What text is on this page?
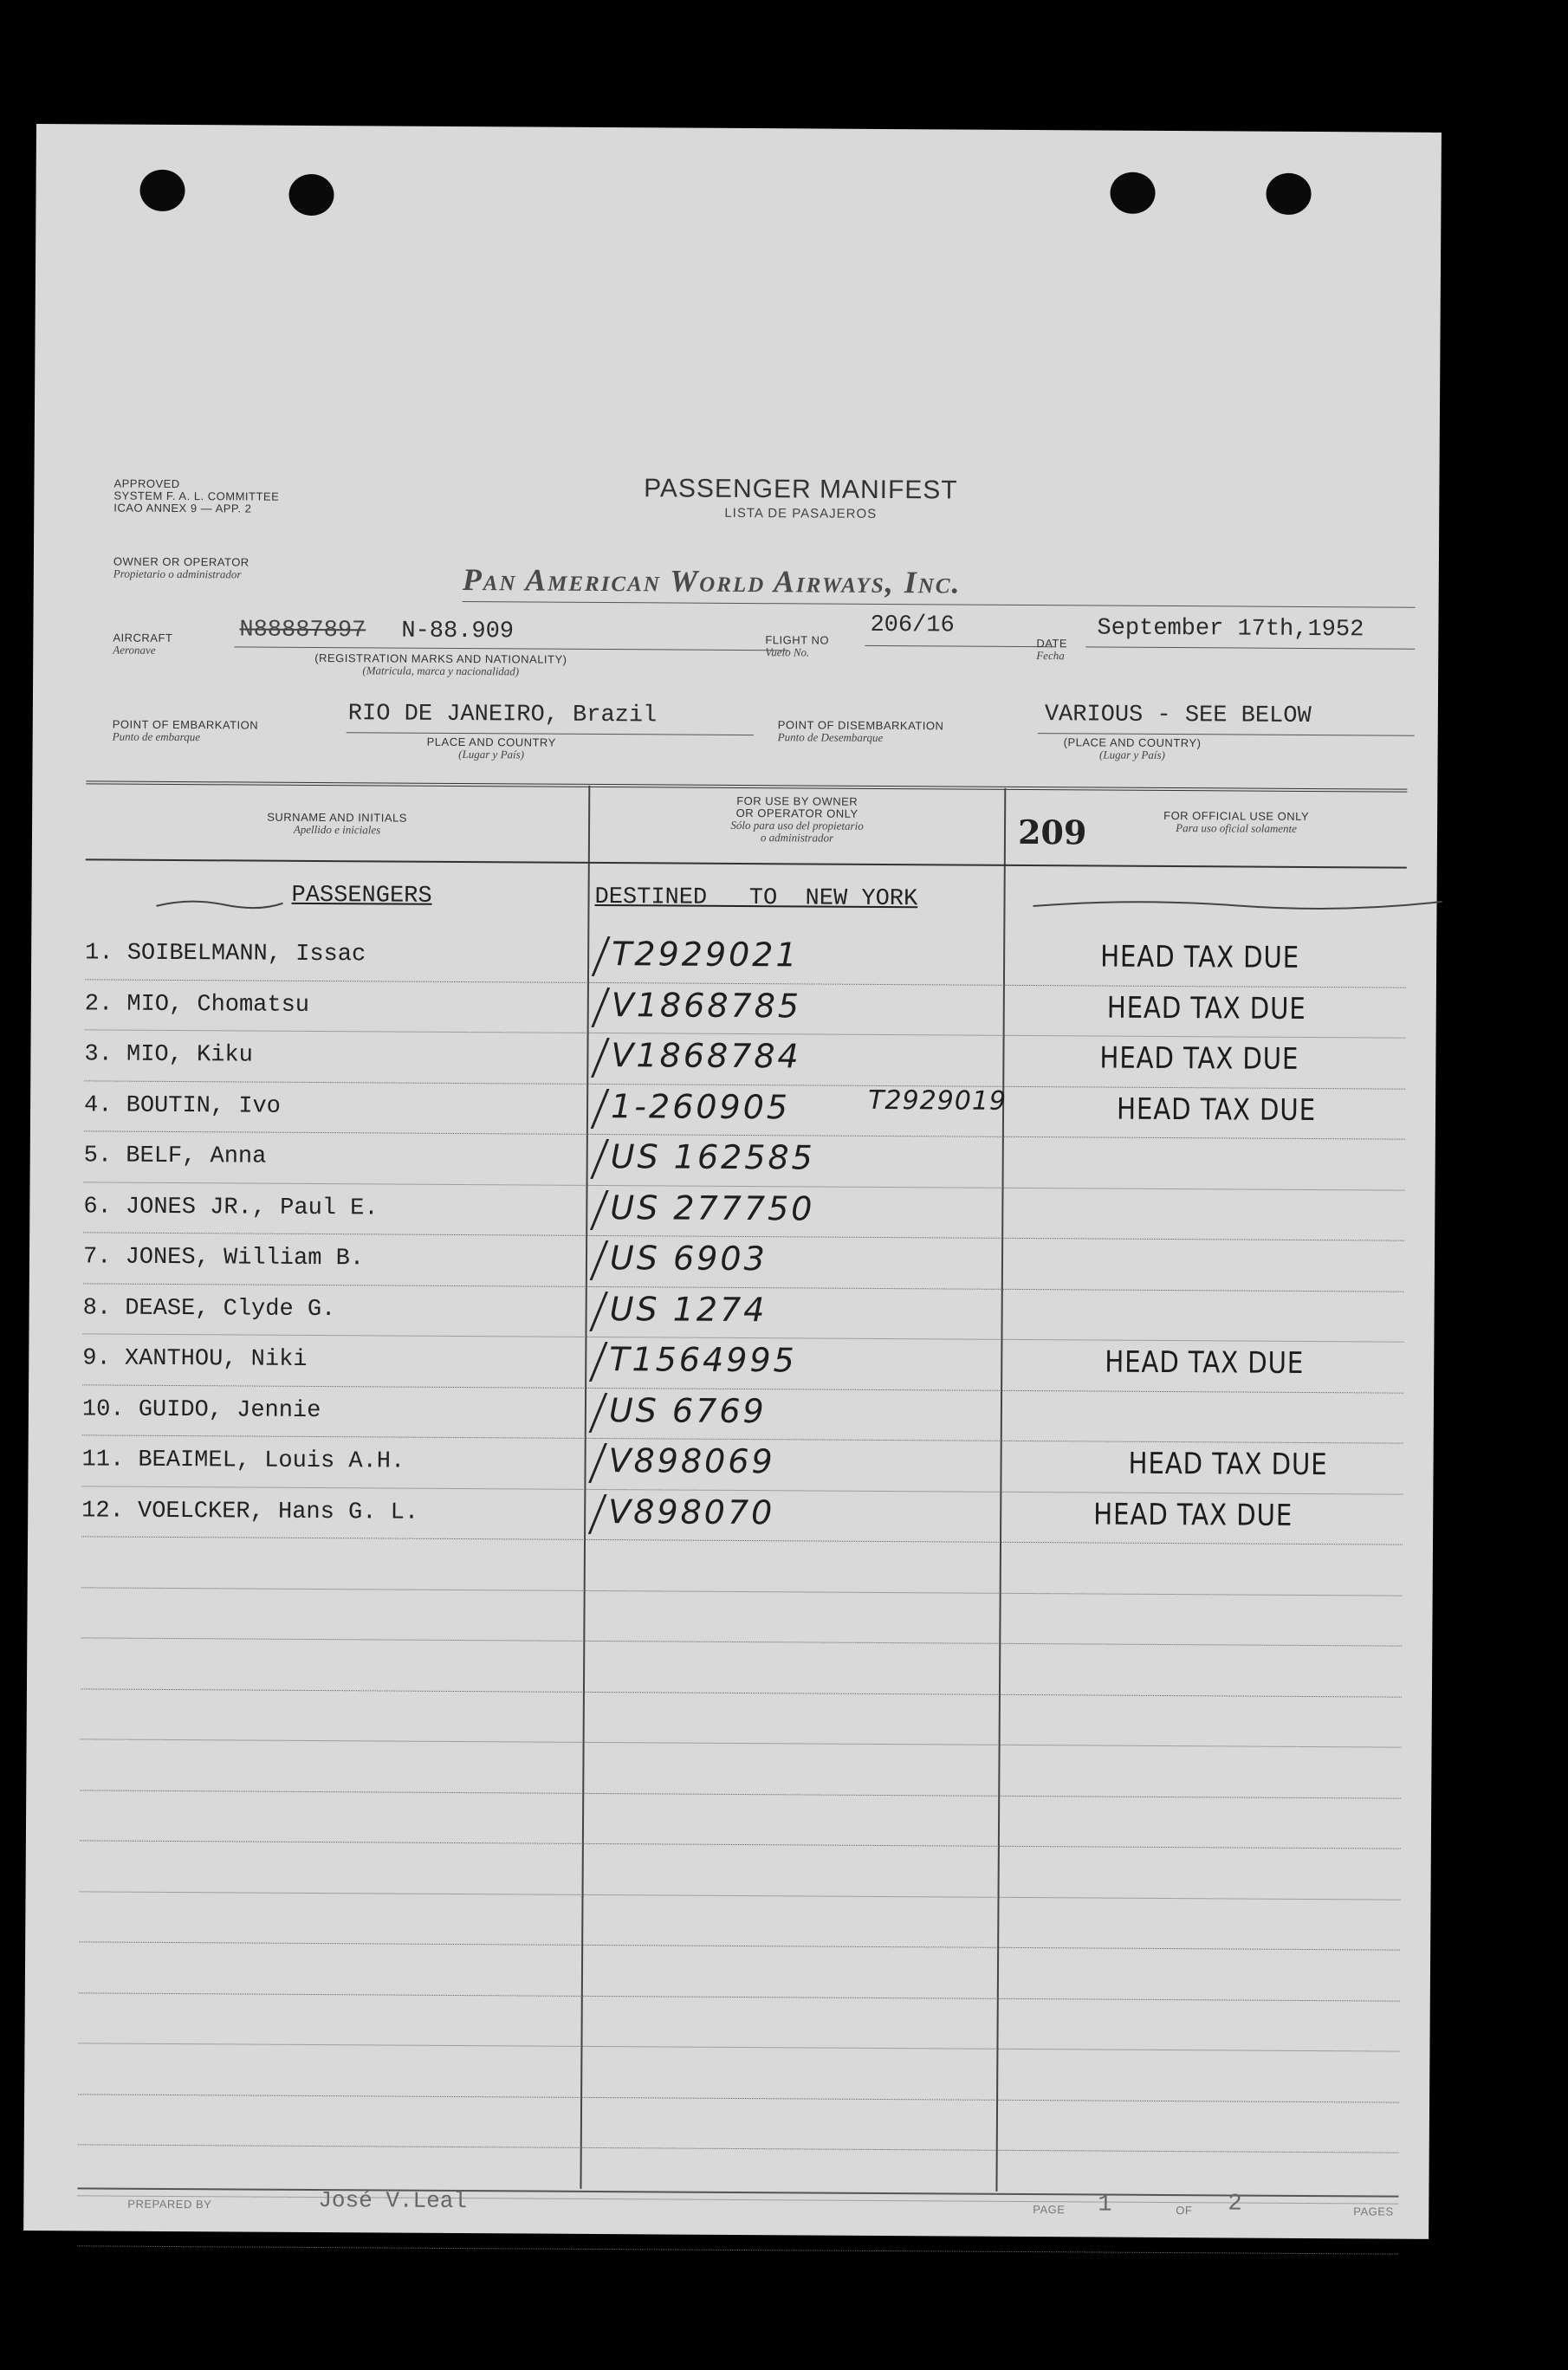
APPROVED
SYSTEM F. A. L. COMMITTEE
ICAO ANNEX 9 — APP. 2
PASSENGER MANIFEST
LISTA DE PASAJEROS
OWNER OR OPERATOR
Propietario o administrador	Pan American World Airways, Inc.
AIRCRAFT
Aeronave
N88887897 N-88.909
(REGISTRATION MARKS AND NATIONALITY)
(Matricula, marca y nacionalidad)
FLIGHT NO
Vuelo No.
206/16
DATE
Fecha
September 17th,1952
POINT OF EMBARKATION
Punto de embarque
RIO DE JANEIRO, Brazil
PLACE AND COUNTRY
(Lugar y País)
POINT OF DISEMBARKATION
Punto de Desembarque
VARIOUS - SEE BELOW
(PLACE AND COUNTRY)
(Lugar y País)
SURNAME AND INITIALS
Apellido e iniciales
FOR USE BY OWNER
OR OPERATOR ONLY
Sólo para uso del propietario
o administrador	209	FOR OFFICIAL USE ONLY
Para uso oficial solamente
PASSENGERS	DESTINED   TO  NEW YORK
1. SOIBELMANN, Issac	T2929021	HEAD TAX DUE
2. MIO, Chomatsu	V1868785	HEAD TAX DUE
3. MIO, Kiku	V1868784	HEAD TAX DUE
4. BOUTIN, Ivo	1-260905	T2929019	HEAD TAX DUE
5. BELF, Anna	US 162585
6. JONES JR., Paul E.	US 277750
7. JONES, William B.	US 6903
8. DEASE, Clyde G.	US 1274
9. XANTHOU, Niki	T1564995	HEAD TAX DUE
10. GUIDO, Jennie	US 6769
11. BEAIMEL, Louis A.H.	V898069	HEAD TAX DUE
12. VOELCKER, Hans G. L.	V898070	HEAD TAX DUE
PREPARED BY	José V.Leal	PAGE 1	OF 2	PAGES
